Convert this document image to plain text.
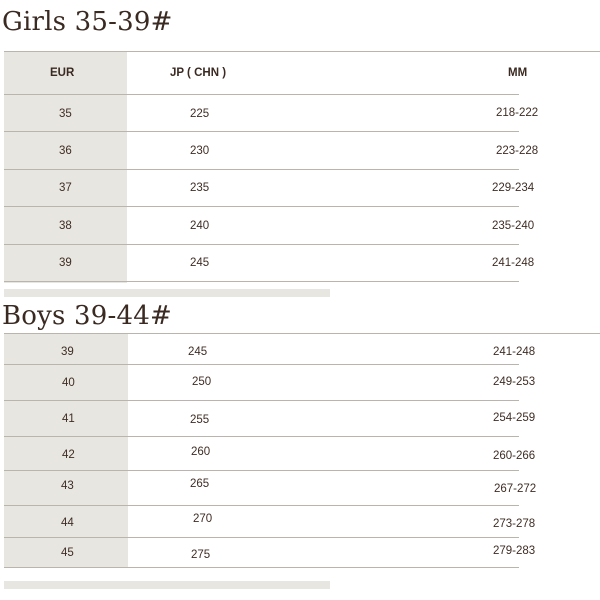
Girls 35-39#
EUR	JP ( CHN )	MM
35	225	218-222
36	230	223-228
37	235	229-234
38	240	235-240
39	245	241-248
Boys 39-44#
39	245	241-248
40	250	249-253
41	255	254-259
42	260	260-266
43	265	267-272
44	270	273-278
45	275	279-283
